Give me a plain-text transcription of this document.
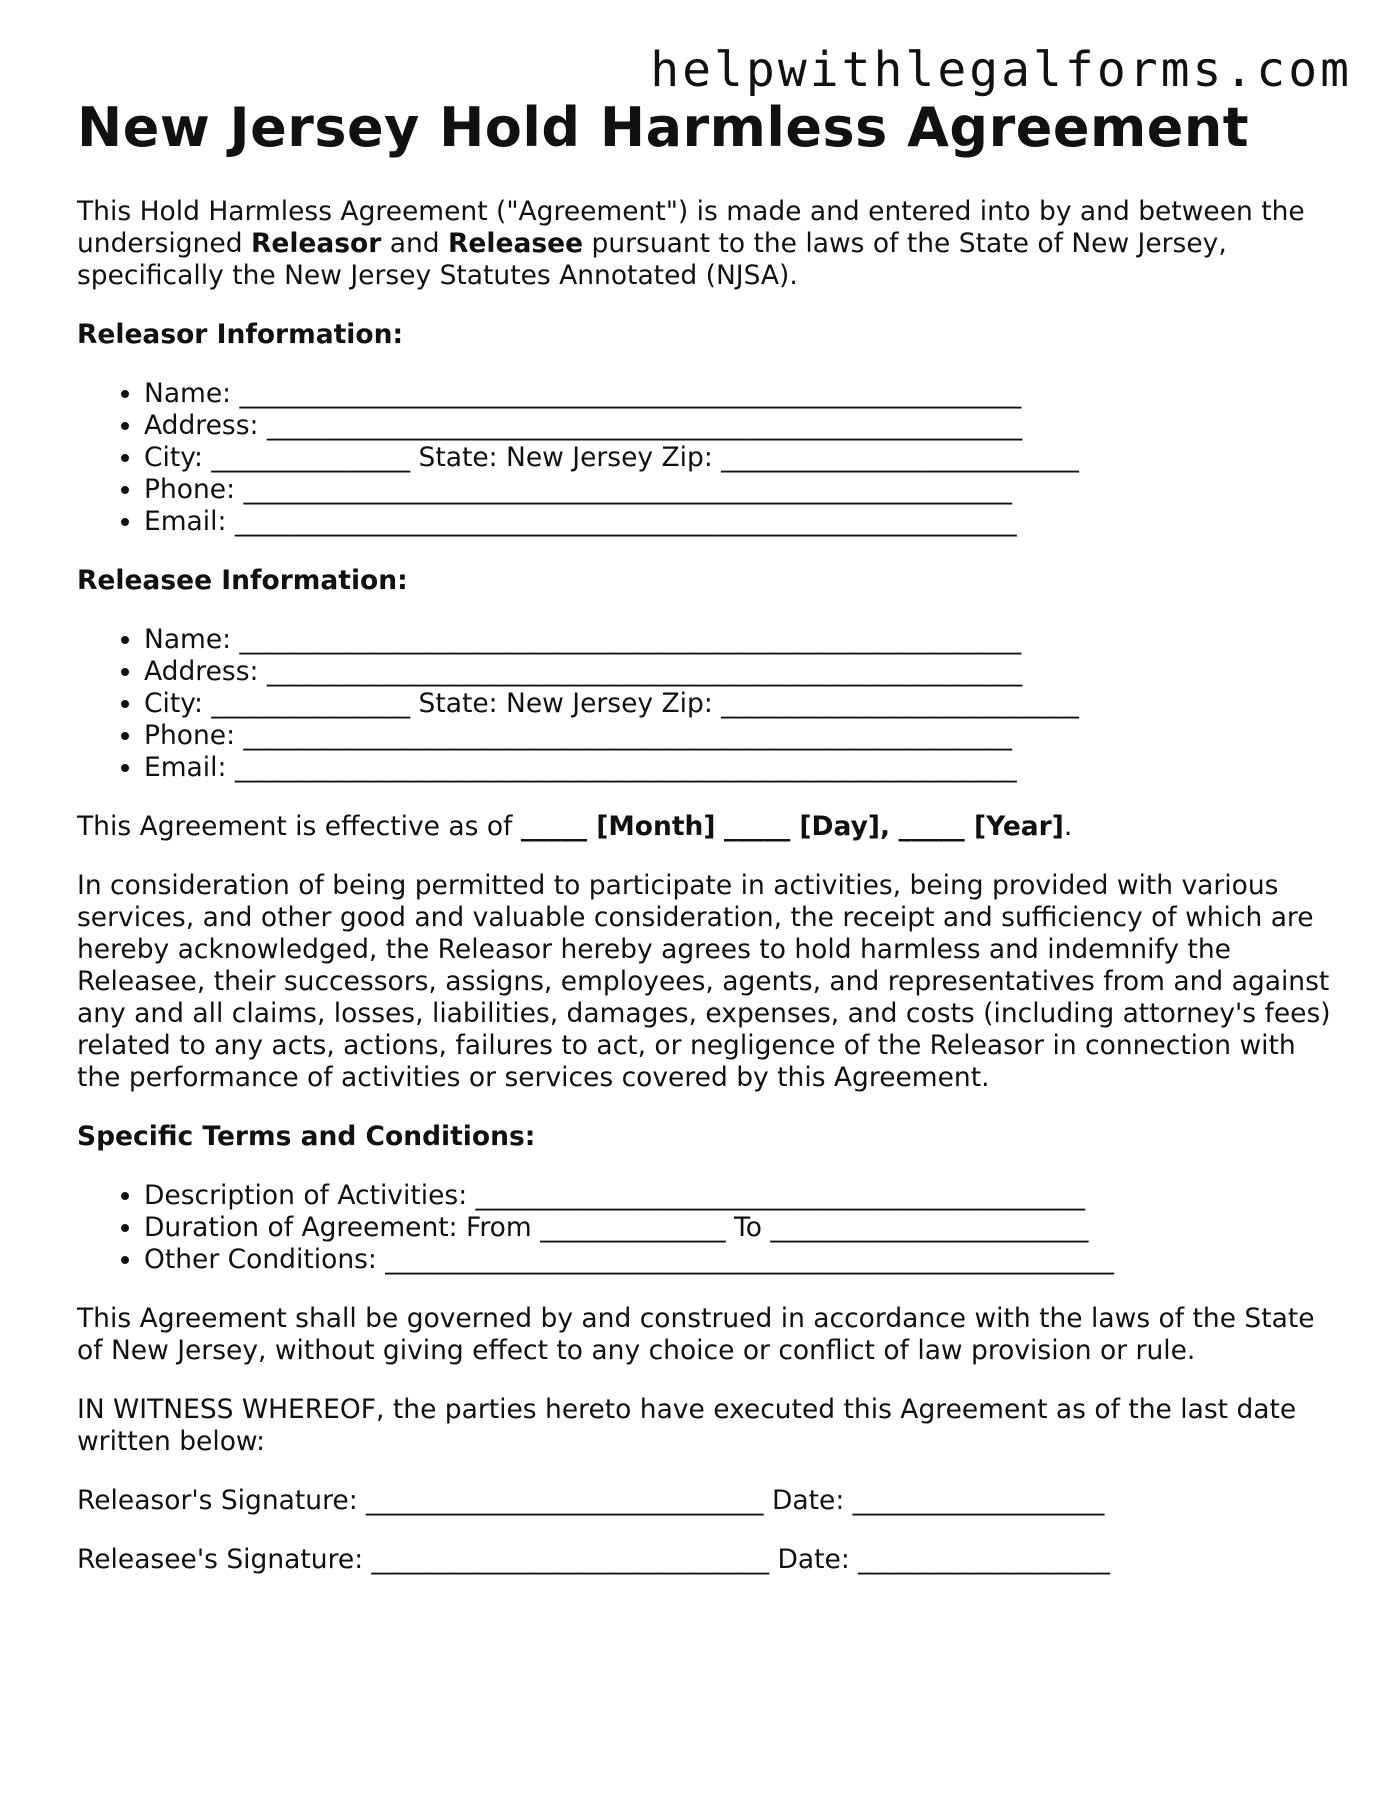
helpwithlegalforms.com
New Jersey Hold Harmless Agreement

This Hold Harmless Agreement ("Agreement") is made and entered into by and between the undersigned Releasor and Releasee pursuant to the laws of the State of New Jersey, specifically the New Jersey Statutes Annotated (NJSA).

Releasor Information:
• Name: ___________________________________________________________
• Address: _________________________________________________________
• City: _______________ State: New Jersey Zip: ___________________________
• Phone: __________________________________________________________
• Email: ___________________________________________________________
Releasee Information:
• Name: ___________________________________________________________
• Address: _________________________________________________________
• City: _______________ State: New Jersey Zip: ___________________________
• Phone: __________________________________________________________
• Email: ___________________________________________________________

This Agreement is effective as of _____ [Month] _____ [Day], _____ [Year].

In consideration of being permitted to participate in activities, being provided with various services, and other good and valuable consideration, the receipt and sufficiency of which are hereby acknowledged, the Releasor hereby agrees to hold harmless and indemnify the Releasee, their successors, assigns, employees, agents, and representatives from and against any and all claims, losses, liabilities, damages, expenses, and costs (including attorney's fees) related to any acts, actions, failures to act, or negligence of the Releasor in connection with the performance of activities or services covered by this Agreement.

Specific Terms and Conditions:
• Description of Activities: ______________________________________________
• Duration of Agreement: From ______________ To ________________________
• Other Conditions: _______________________________________________________

This Agreement shall be governed by and construed in accordance with the laws of the State of New Jersey, without giving effect to any choice or conflict of law provision or rule.

IN WITNESS WHEREOF, the parties hereto have executed this Agreement as of the last date written below:

Releasor's Signature: ______________________________ Date: ___________________
Releasee's Signature: ______________________________ Date: ___________________
